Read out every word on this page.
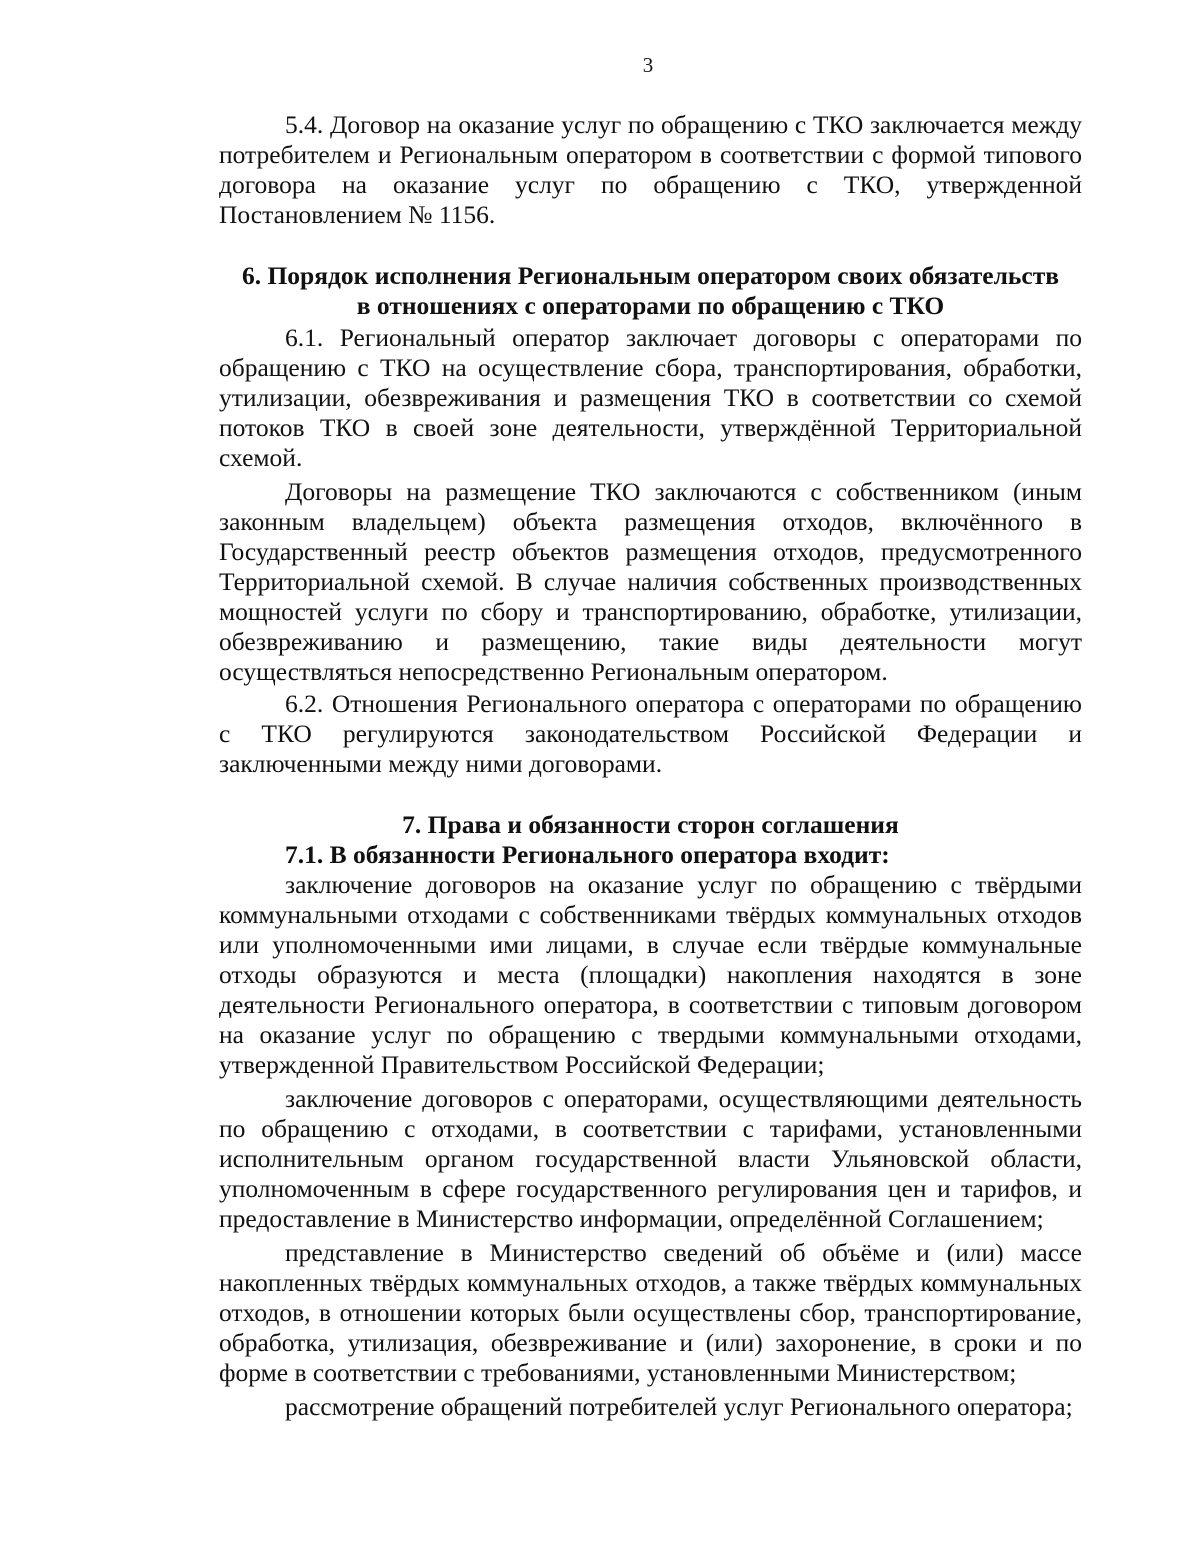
3

5.4. Договор на оказание услуг по обращению с ТКО заключается между потребителем и Региональным оператором в соответствии с формой типового договора на оказание услуг по обращению с ТКО, утвержденной Постановлением № 1156.

6. Порядок исполнения Региональным оператором своих обязательств
в отношениях с операторами по обращению с ТКО

6.1. Региональный оператор заключает договоры с операторами по обращению с ТКО на осуществление сбора, транспортирования, обработки, утилизации, обезвреживания и размещения ТКО в соответствии со схемой потоков ТКО в своей зоне деятельности, утверждённой Территориальной схемой.

Договоры на размещение ТКО заключаются с собственником (иным законным владельцем) объекта размещения отходов, включённого в Государственный реестр объектов размещения отходов, предусмотренного Территориальной схемой. В случае наличия собственных производственных мощностей услуги по сбору и транспортированию, обработке, утилизации, обезвреживанию и размещению, такие виды деятельности могут осуществляться непосредственно Региональным оператором.

6.2. Отношения Регионального оператора с операторами по обращению с ТКО регулируются законодательством Российской Федерации и заключенными между ними договорами.

7. Права и обязанности сторон соглашения
7.1. В обязанности Регионального оператора входит:

заключение договоров на оказание услуг по обращению с твёрдыми коммунальными отходами с собственниками твёрдых коммунальных отходов или уполномоченными ими лицами, в случае если твёрдые коммунальные отходы образуются и места (площадки) накопления находятся в зоне деятельности Регионального оператора, в соответствии с типовым договором на оказание услуг по обращению с твердыми коммунальными отходами, утвержденной Правительством Российской Федерации;

заключение договоров с операторами, осуществляющими деятельность по обращению с отходами, в соответствии с тарифами, установленными исполнительным органом государственной власти Ульяновской области, уполномоченным в сфере государственного регулирования цен и тарифов, и предоставление в Министерство информации, определённой Соглашением;

представление в Министерство сведений об объёме и (или) массе накопленных твёрдых коммунальных отходов, а также твёрдых коммунальных отходов, в отношении которых были осуществлены сбор, транспортирование, обработка, утилизация, обезвреживание и (или) захоронение, в сроки и по форме в соответствии с требованиями, установленными Министерством;

рассмотрение обращений потребителей услуг Регионального оператора;
